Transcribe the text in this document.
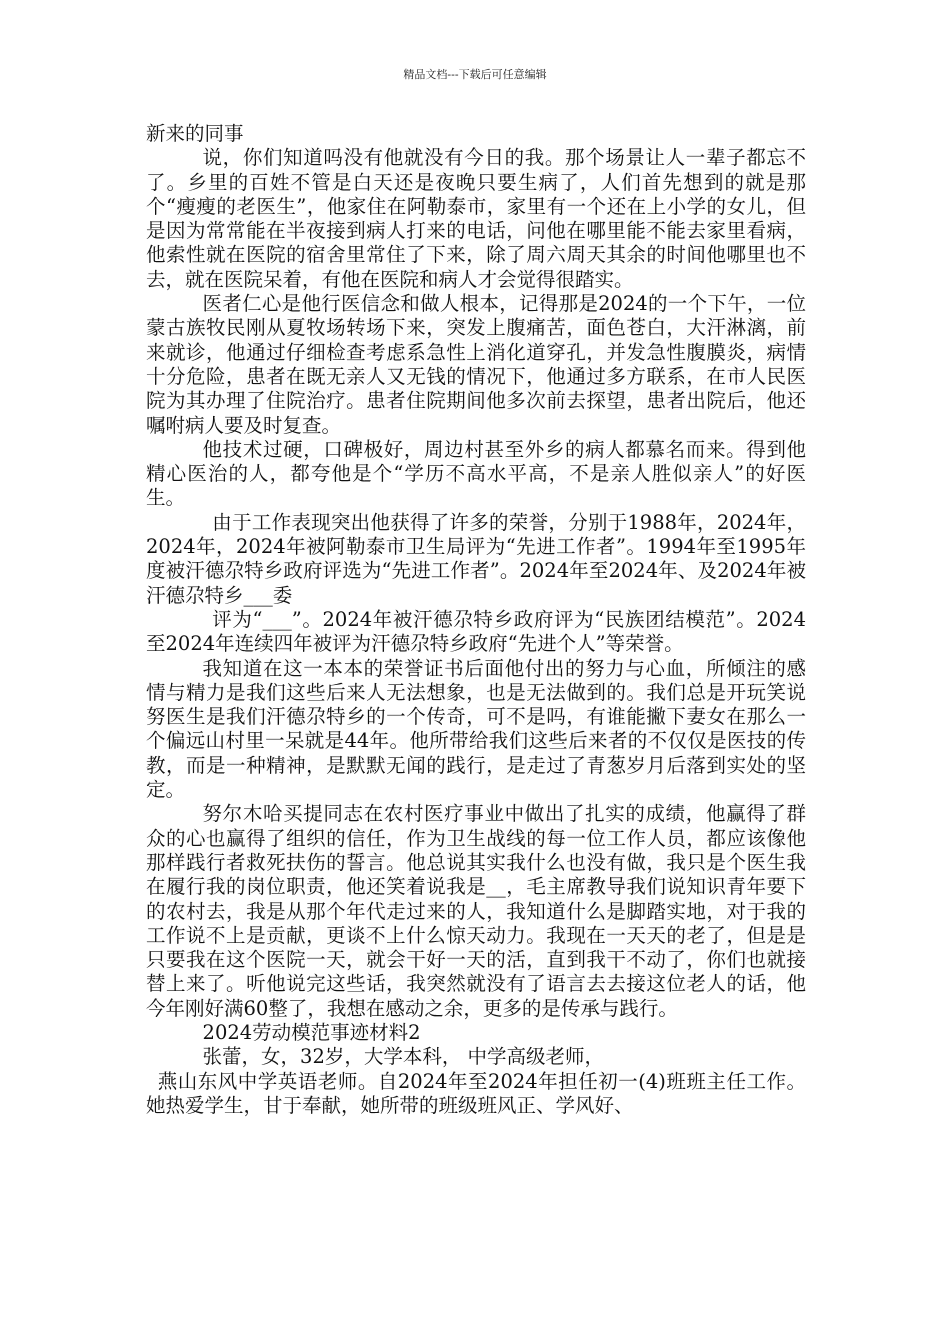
精品文档---下载后可任意编辑

新来的同事

说，你们知道吗没有他就没有今日的我。那个场景让人一辈子都忘不了。乡里的百姓不管是白天还是夜晚只要生病了，人们首先想到的就是那个“瘦瘦的老医生”，他家住在阿勒泰市，家里有一个还在上小学的女儿，但是因为常常能在半夜接到病人打来的电话，问他在哪里能不能去家里看病，他索性就在医院的宿舍里常住了下来，除了周六周天其余的时间他哪里也不去，就在医院呆着，有他在医院和病人才会觉得很踏实。

医者仁心是他行医信念和做人根本，记得那是2024的一个下午，一位蒙古族牧民刚从夏牧场转场下来，突发上腹痛苦，面色苍白，大汗淋漓，前来就诊，他通过仔细检查考虑系急性上消化道穿孔，并发急性腹膜炎，病情十分危险，患者在既无亲人又无钱的情况下，他通过多方联系，在市人民医院为其办理了住院治疗。患者住院期间他多次前去探望，患者出院后，他还嘱咐病人要及时复查。

他技术过硬，口碑极好，周边村甚至外乡的病人都慕名而来。得到他精心医治的人，都夸他是个“学历不高水平高，不是亲人胜似亲人”的好医生。

由于工作表现突出他获得了许多的荣誉，分别于1988年，2024年，2024年，2024年被阿勒泰市卫生局评为“先进工作者”。1994年至1995年度被汗德尕特乡政府评选为“先进工作者”。2024年至2024年、及2024年被汗德尕特乡___委

评为“___”。2024年被汗德尕特乡政府评为“民族团结模范”。2024至2024年连续四年被评为汗德尕特乡政府“先进个人”等荣誉。

我知道在这一本本的荣誉证书后面他付出的努力与心血，所倾注的感情与精力是我们这些后来人无法想象，也是无法做到的。我们总是开玩笑说努医生是我们汗德尕特乡的一个传奇，可不是吗，有谁能撇下妻女在那么一个偏远山村里一呆就是44年。他所带给我们这些后来者的不仅仅是医技的传教，而是一种精神，是默默无闻的践行，是走过了青葱岁月后落到实处的坚定。

努尔木哈买提同志在农村医疗事业中做出了扎实的成绩，他赢得了群众的心也赢得了组织的信任，作为卫生战线的每一位工作人员，都应该像他那样践行者救死扶伤的誓言。他总说其实我什么也没有做，我只是个医生我在履行我的岗位职责，他还笑着说我是__，毛主席教导我们说知识青年要下的农村去，我是从那个年代走过来的人，我知道什么是脚踏实地，对于我的工作说不上是贡献，更谈不上什么惊天动力。我现在一天天的老了，但是是只要我在这个医院一天，就会干好一天的活，直到我干不动了，你们也就接替上来了。听他说完这些话，我突然就没有了语言去去接这位老人的话，他今年刚好满60整了，我想在感动之余，更多的是传承与践行。

2024劳动模范事迹材料2

张蕾，女，32岁，大学本科， 中学高级老师，

燕山东风中学英语老师。自2024年至2024年担任初一(4)班班主任工作。她热爱学生，甘于奉献，她所带的班级班风正、学风好、
